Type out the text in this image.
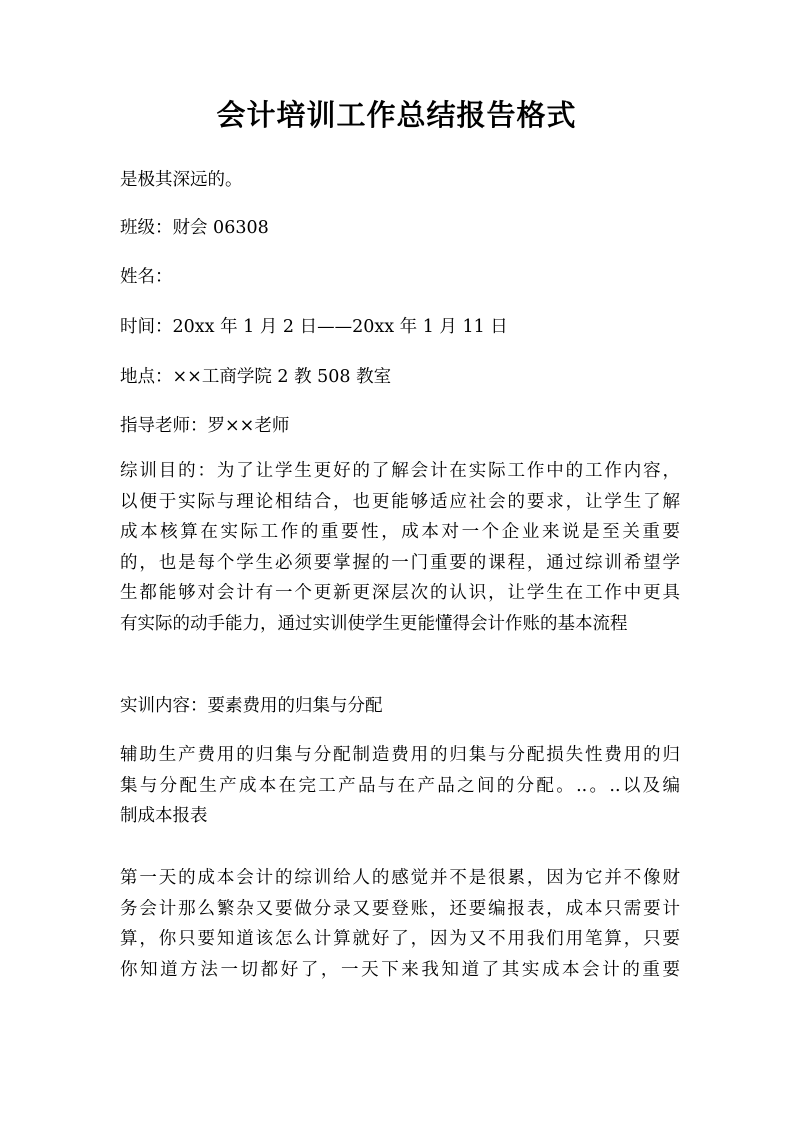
会计培训工作总结报告格式

是极其深远的。

班级：财会 06308

姓名：

时间：20xx 年 1 月 2 日——20xx 年 1 月 11 日

地点：××工商学院 2 教 508 教室

指导老师：罗××老师

综训目的：为了让学生更好的了解会计在实际工作中的工作内容，
以便于实际与理论相结合，也更能够适应社会的要求，让学生了解
成本核算在实际工作的重要性，成本对一个企业来说是至关重要
的，也是每个学生必须要掌握的一门重要的课程，通过综训希望学
生都能够对会计有一个更新更深层次的认识，让学生在工作中更具
有实际的动手能力，通过实训使学生更能懂得会计作账的基本流程

实训内容：要素费用的归集与分配

辅助生产费用的归集与分配制造费用的归集与分配损失性费用的归
集与分配生产成本在完工产品与在产品之间的分配。..。..以及编
制成本报表
第一天的成本会计的综训给人的感觉并不是很累，因为它并不像财
务会计那么繁杂又要做分录又要登账，还要编报表，成本只需要计
算，你只要知道该怎么计算就好了，因为又不用我们用笔算，只要
你知道方法一切都好了，一天下来我知道了其实成本会计的重要
